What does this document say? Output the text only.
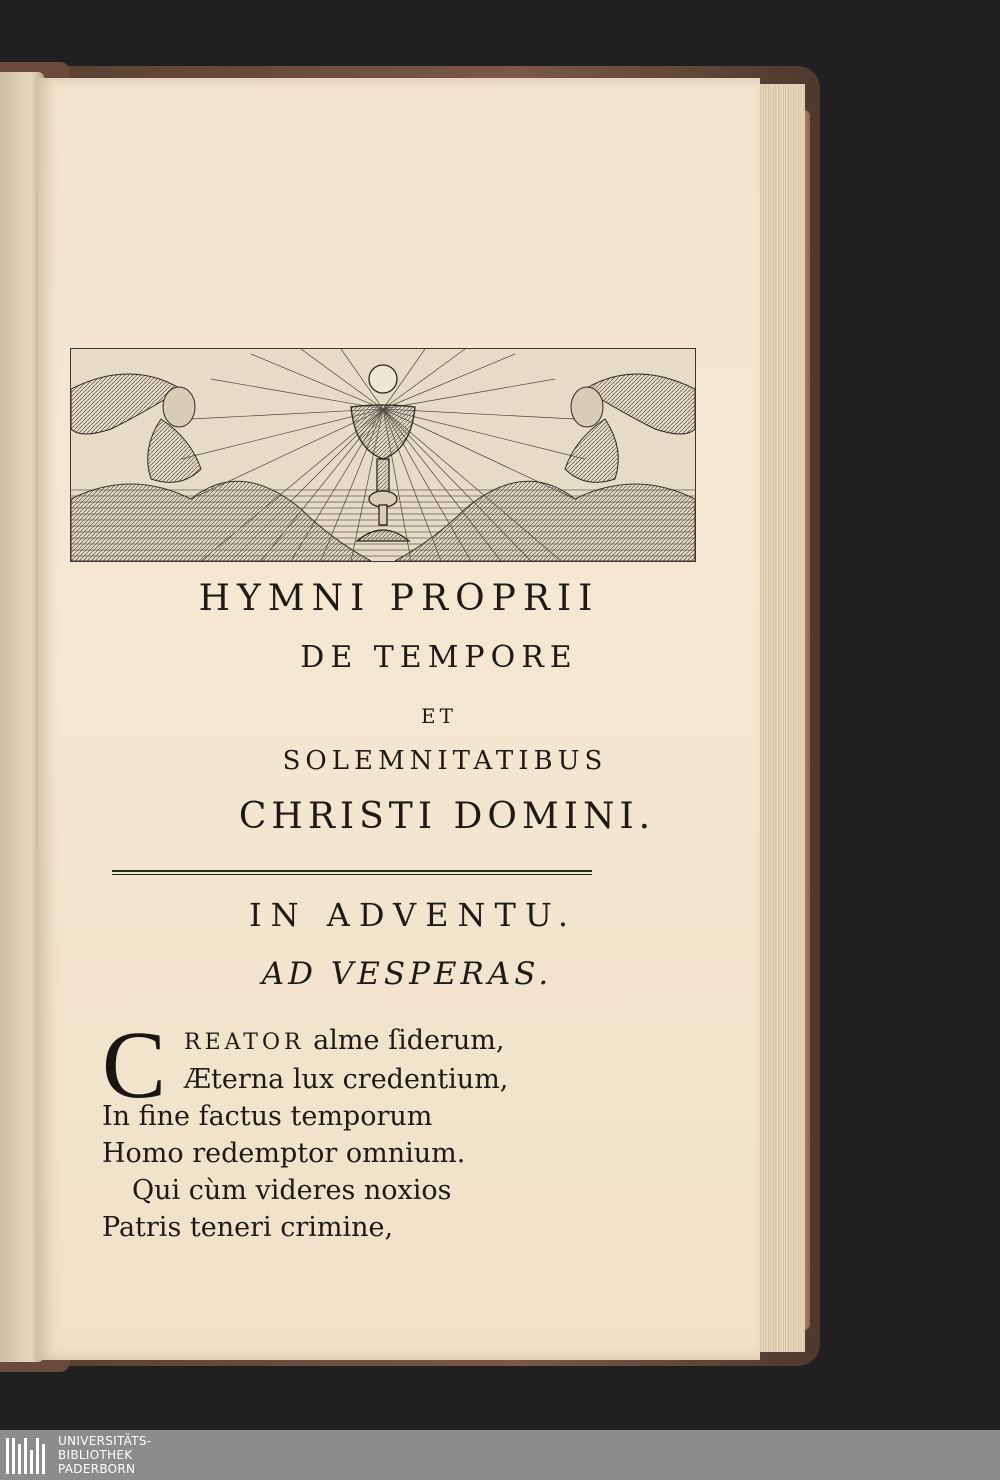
HYMNI PROPRII
DE TEMPORE
ET
SOLEMNITATIBUS
CHRISTI DOMINI.
IN ADVENTU.
AD VESPERAS.
C REATOR alme ſiderum,
Æterna lux credentium,
In fine factus temporum
Homo redemptor omnium.
Qui cùm videres noxios
Patris teneri crimine,
UNIVERSITÄTS-
BIBLIOTHEK
PADERBORN
